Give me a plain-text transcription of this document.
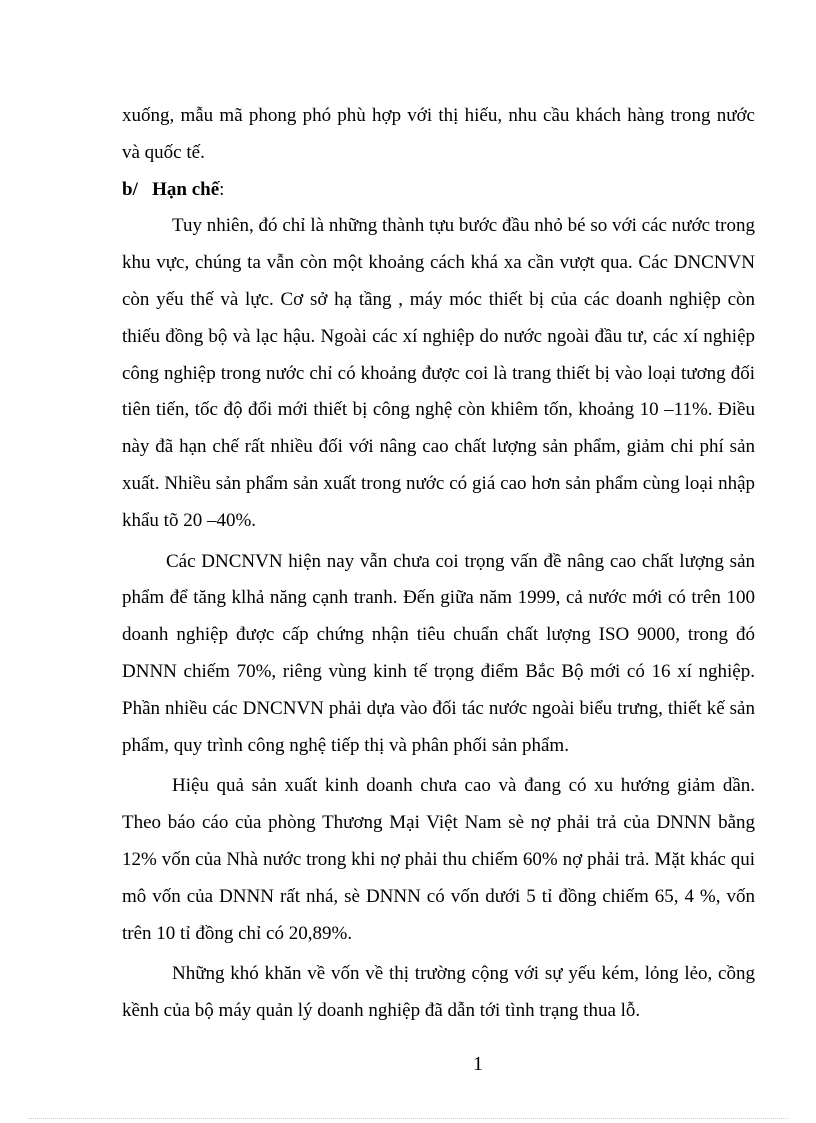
xuống, mẫu mã phong phó phù hợp với thị hiếu, nhu cầu khách hàng trong nước và quốc tế.

b/ Hạn chế:

Tuy nhiên, đó chỉ là những thành tựu bước đầu nhỏ bé so với các nước trong khu vực, chúng ta vẫn còn một khoảng cách khá xa cần vượt qua. Các DNCNVN còn yếu thế và lực. Cơ sở hạ tầng , máy móc thiết bị của các doanh nghiệp còn thiếu đồng bộ và lạc hậu. Ngoài các xí nghiệp do nước ngoài đầu tư, các xí nghiệp công nghiệp trong nước chỉ có khoảng được coi là trang thiết bị vào loại tương đối tiên tiến, tốc độ đổi mới thiết bị công nghệ còn khiêm tốn, khoảng 10 –11%. Điều này đã hạn chế rất nhiều đối với nâng cao chất lượng sản phẩm, giảm chi phí sản xuất. Nhiều sản phẩm sản xuất trong nước có giá cao hơn sản phẩm cùng loại nhập khẩu tõ 20 –40%.

Các DNCNVN hiện nay vẫn chưa coi trọng vấn đề nâng cao chất lượng sản phẩm để tăng klhả năng cạnh tranh. Đến giữa năm 1999, cả nước mới có trên 100 doanh nghiệp được cấp chứng nhận tiêu chuẩn chất lượng ISO 9000, trong đó DNNN chiếm 70%, riêng vùng kinh tế trọng điểm Bắc Bộ mới có 16 xí nghiệp. Phần nhiều các DNCNVN phải dựa vào đối tác nước ngoài biểu trưng, thiết kế sản phẩm, quy trình công nghệ tiếp thị và phân phối sản phẩm.

Hiệu quả sản xuất kinh doanh chưa cao và đang có xu hướng giảm dần. Theo báo cáo của phòng Thương Mại Việt Nam sè nợ phải trả của DNNN bằng 12% vốn của Nhà nước trong khi nợ phải thu chiếm 60% nợ phải trả. Mặt khác qui mô vốn của DNNN rất nhá, sè DNNN có vốn dưới 5 tỉ đồng chiếm 65, 4 %, vốn trên 10 tỉ đồng chỉ có 20,89%.

Những khó khăn về vốn về thị trường cộng với sự yếu kém, lỏng lẻo, cồng kềnh của bộ máy quản lý doanh nghiệp đã dẫn tới tình trạng thua lỗ.

1
